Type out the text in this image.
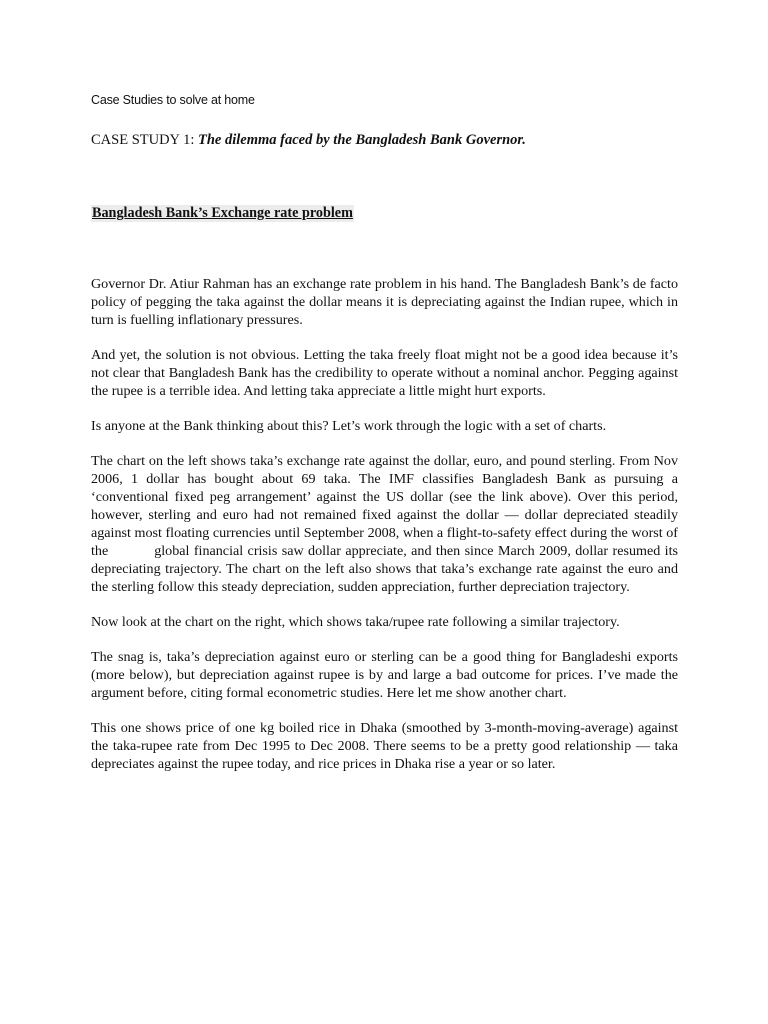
Case Studies to solve at home
CASE STUDY 1: The dilemma faced by the Bangladesh Bank Governor.
Bangladesh Bank’s Exchange rate problem

Governor Dr. Atiur Rahman has an exchange rate problem in his hand. The Bangladesh Bank’s de facto policy of pegging the taka against the dollar means it is depreciating against the Indian rupee, which in turn is fuelling inflationary pressures.

And yet, the solution is not obvious. Letting the taka freely float might not be a good idea because it’s not clear that Bangladesh Bank has the credibility to operate without a nominal anchor. Pegging against the rupee is a terrible idea. And letting taka appreciate a little might hurt exports.

Is anyone at the Bank thinking about this? Let’s work through the logic with a set of charts.

The chart on the left shows taka’s exchange rate against the dollar, euro, and pound sterling. From Nov 2006, 1 dollar has bought about 69 taka. The IMF classifies Bangladesh Bank as pursuing a ‘conventional fixed peg arrangement’ against the US dollar (see the link above). Over this period, however, sterling and euro had not remained fixed against the dollar — dollar depreciated steadily against most floating currencies until September 2008, when a flight-to-safety effect during the worst of the	global financial crisis saw dollar appreciate, and then since March 2009, dollar resumed its depreciating trajectory. The chart on the left also shows that taka’s exchange rate against the euro and the sterling follow this steady depreciation, sudden appreciation, further depreciation trajectory.

Now look at the chart on the right, which shows taka/rupee rate following a similar trajectory.

The snag is, taka’s depreciation against euro or sterling can be a good thing for Bangladeshi exports (more below), but depreciation against rupee is by and large a bad outcome for prices. I’ve made the argument before, citing formal econometric studies. Here let me show another chart.

This one shows price of one kg boiled rice in Dhaka (smoothed by 3-month-moving-average) against the taka-rupee rate from Dec 1995 to Dec 2008. There seems to be a pretty good relationship — taka depreciates against the rupee today, and rice prices in Dhaka rise a year or so later.
